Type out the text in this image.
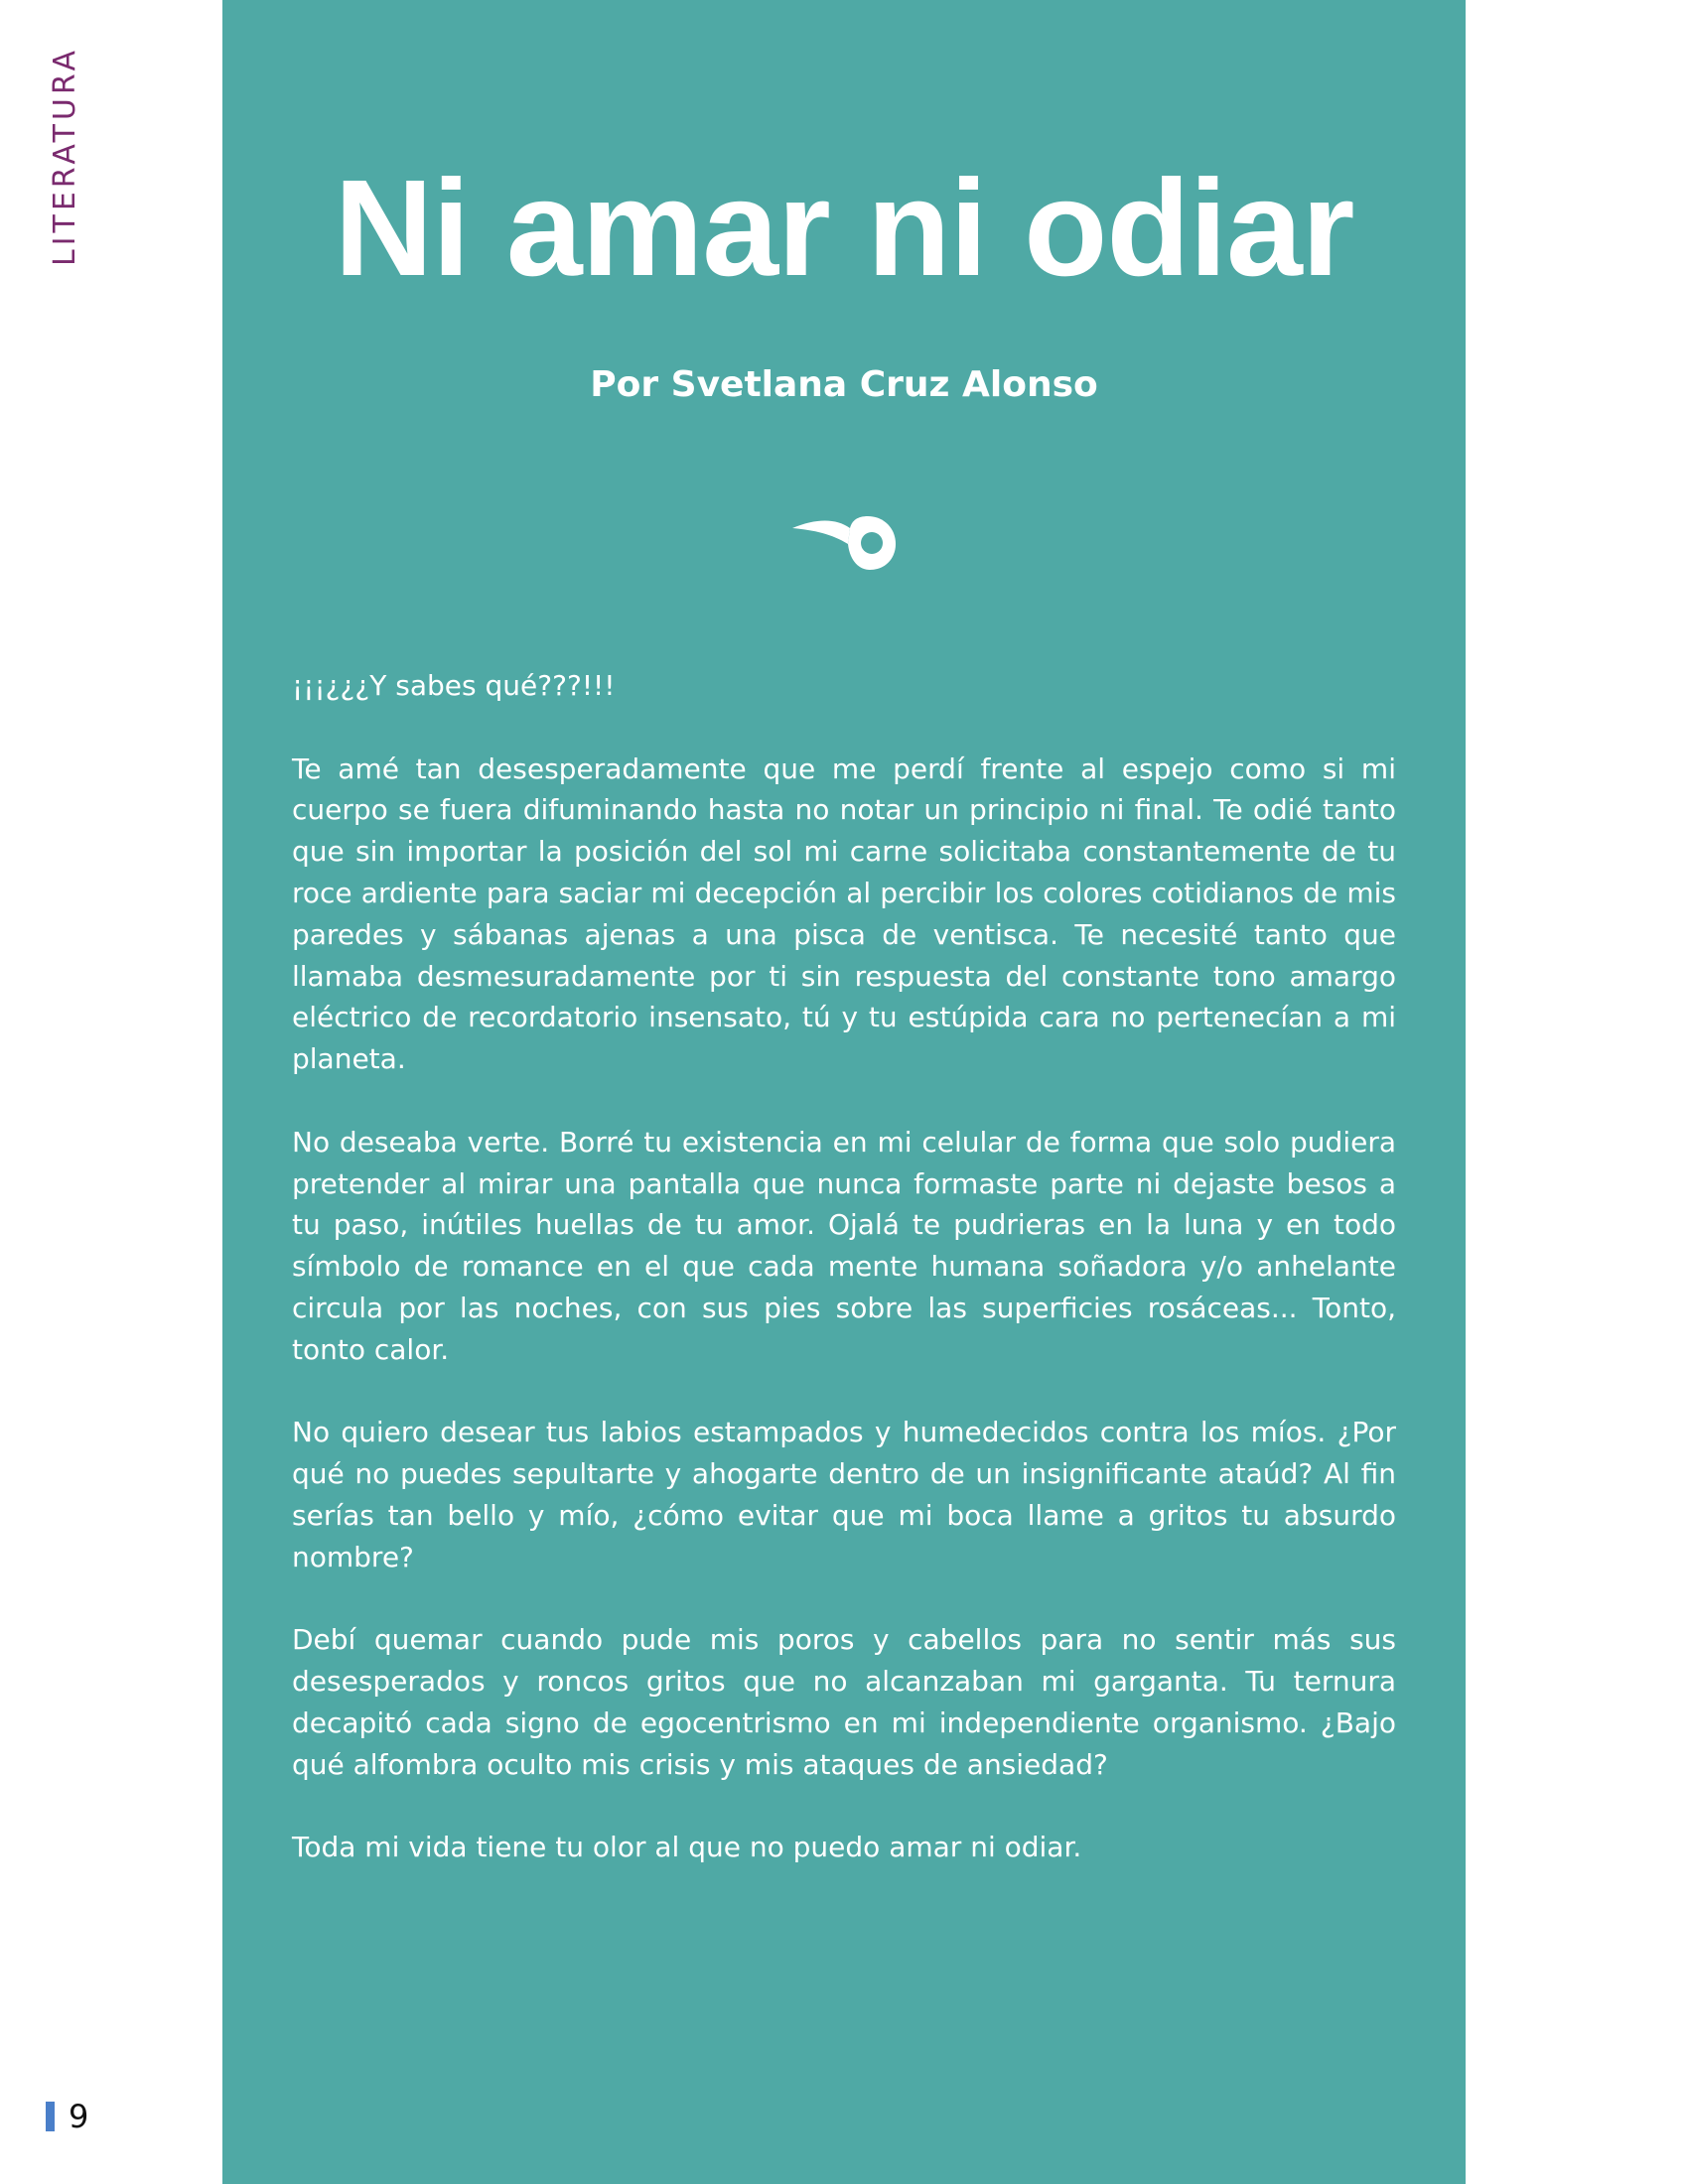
LITERATURA	Ni amar ni odiar
Por Svetlana Cruz Alonso

¡¡¡¿¿¿Y sabes qué???!!!

Te amé tan desesperadamente que me perdí frente al espejo como si mi cuerpo se fuera difuminando hasta no notar un principio ni final. Te odié tanto que sin importar la posición del sol mi carne solicitaba constantemente de tu roce ardiente para saciar mi decepción al percibir los colores cotidianos de mis paredes y sábanas ajenas a una pisca de ventisca. Te necesité tanto que llamaba desmesuradamente por ti sin respuesta del constante tono amargo eléctrico de recordatorio insensato, tú y tu estúpida cara no pertenecían a mi planeta.

No deseaba verte. Borré tu existencia en mi celular de forma que solo pudiera pretender al mirar una pantalla que nunca formaste parte ni dejaste besos a tu paso, inútiles huellas de tu amor. Ojalá te pudrieras en la luna y en todo símbolo de romance en el que cada mente humana soñadora y/o anhelante circula por las noches, con sus pies sobre las superficies rosáceas... Tonto, tonto calor.

No quiero desear tus labios estampados y humedecidos contra los míos. ¿Por qué no puedes sepultarte y ahogarte dentro de un insignificante ataúd? Al fin serías tan bello y mío, ¿cómo evitar que mi boca llame a gritos tu absurdo nombre?

Debí quemar cuando pude mis poros y cabellos para no sentir más sus desesperados y roncos gritos que no alcanzaban mi garganta. Tu ternura decapitó cada signo de egocentrismo en mi independiente organismo. ¿Bajo qué alfombra oculto mis crisis y mis ataques de ansiedad?

Toda mi vida tiene tu olor al que no puedo amar ni odiar.

9
